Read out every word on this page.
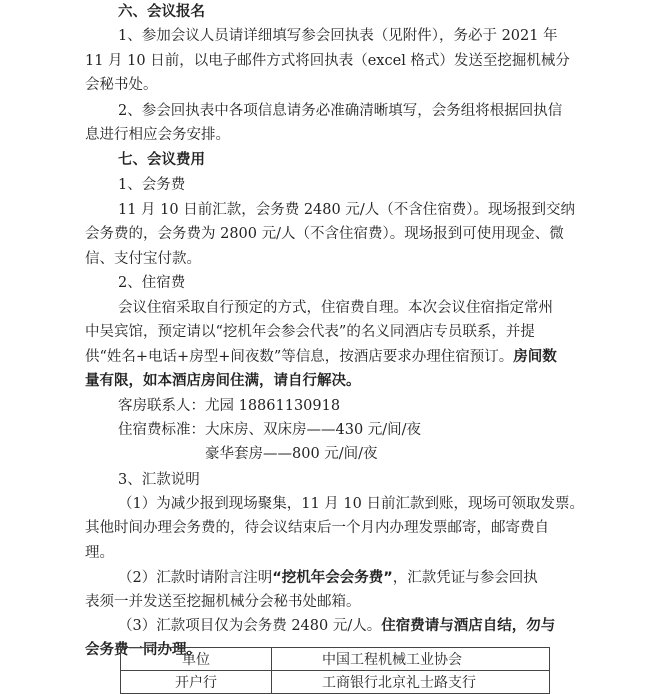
六、会议报名
1、参加会议人员请详细填写参会回执表（见附件），务必于 2021 年
11 月 10 日前，以电子邮件方式将回执表（excel 格式）发送至挖掘机械分
会秘书处。
2、参会回执表中各项信息请务必准确清晰填写，会务组将根据回执信
息进行相应会务安排。
七、会议费用
1、会务费
11 月 10 日前汇款，会务费 2480 元/人（不含住宿费）。现场报到交纳
会务费的，会务费为 2800 元/人（不含住宿费）。现场报到可使用现金、微
信、支付宝付款。
2、住宿费
会议住宿采取自行预定的方式，住宿费自理。本次会议住宿指定常州
中吴宾馆，预定请以“挖机年会参会代表”的名义同酒店专员联系，并提
供“姓名+电话+房型+间夜数”等信息，按酒店要求办理住宿预订。房间数
量有限，如本酒店房间住满，请自行解决。
客房联系人：尤园 18861130918
住宿费标准：大床房、双床房——430 元/间/夜
豪华套房——800 元/间/夜
3、汇款说明
（1）为减少报到现场聚集，11 月 10 日前汇款到账，现场可领取发票。
其他时间办理会务费的，待会议结束后一个月内办理发票邮寄，邮寄费自
理。
（2）汇款时请附言注明“挖机年会会务费”，汇款凭证与参会回执
表须一并发送至挖掘机械分会秘书处邮箱。
（3）汇款项目仅为会务费 2480 元/人。住宿费请与酒店自结，勿与
会务费一同办理。
单位	中国工程机械工业协会
开户行	工商银行北京礼士路支行
